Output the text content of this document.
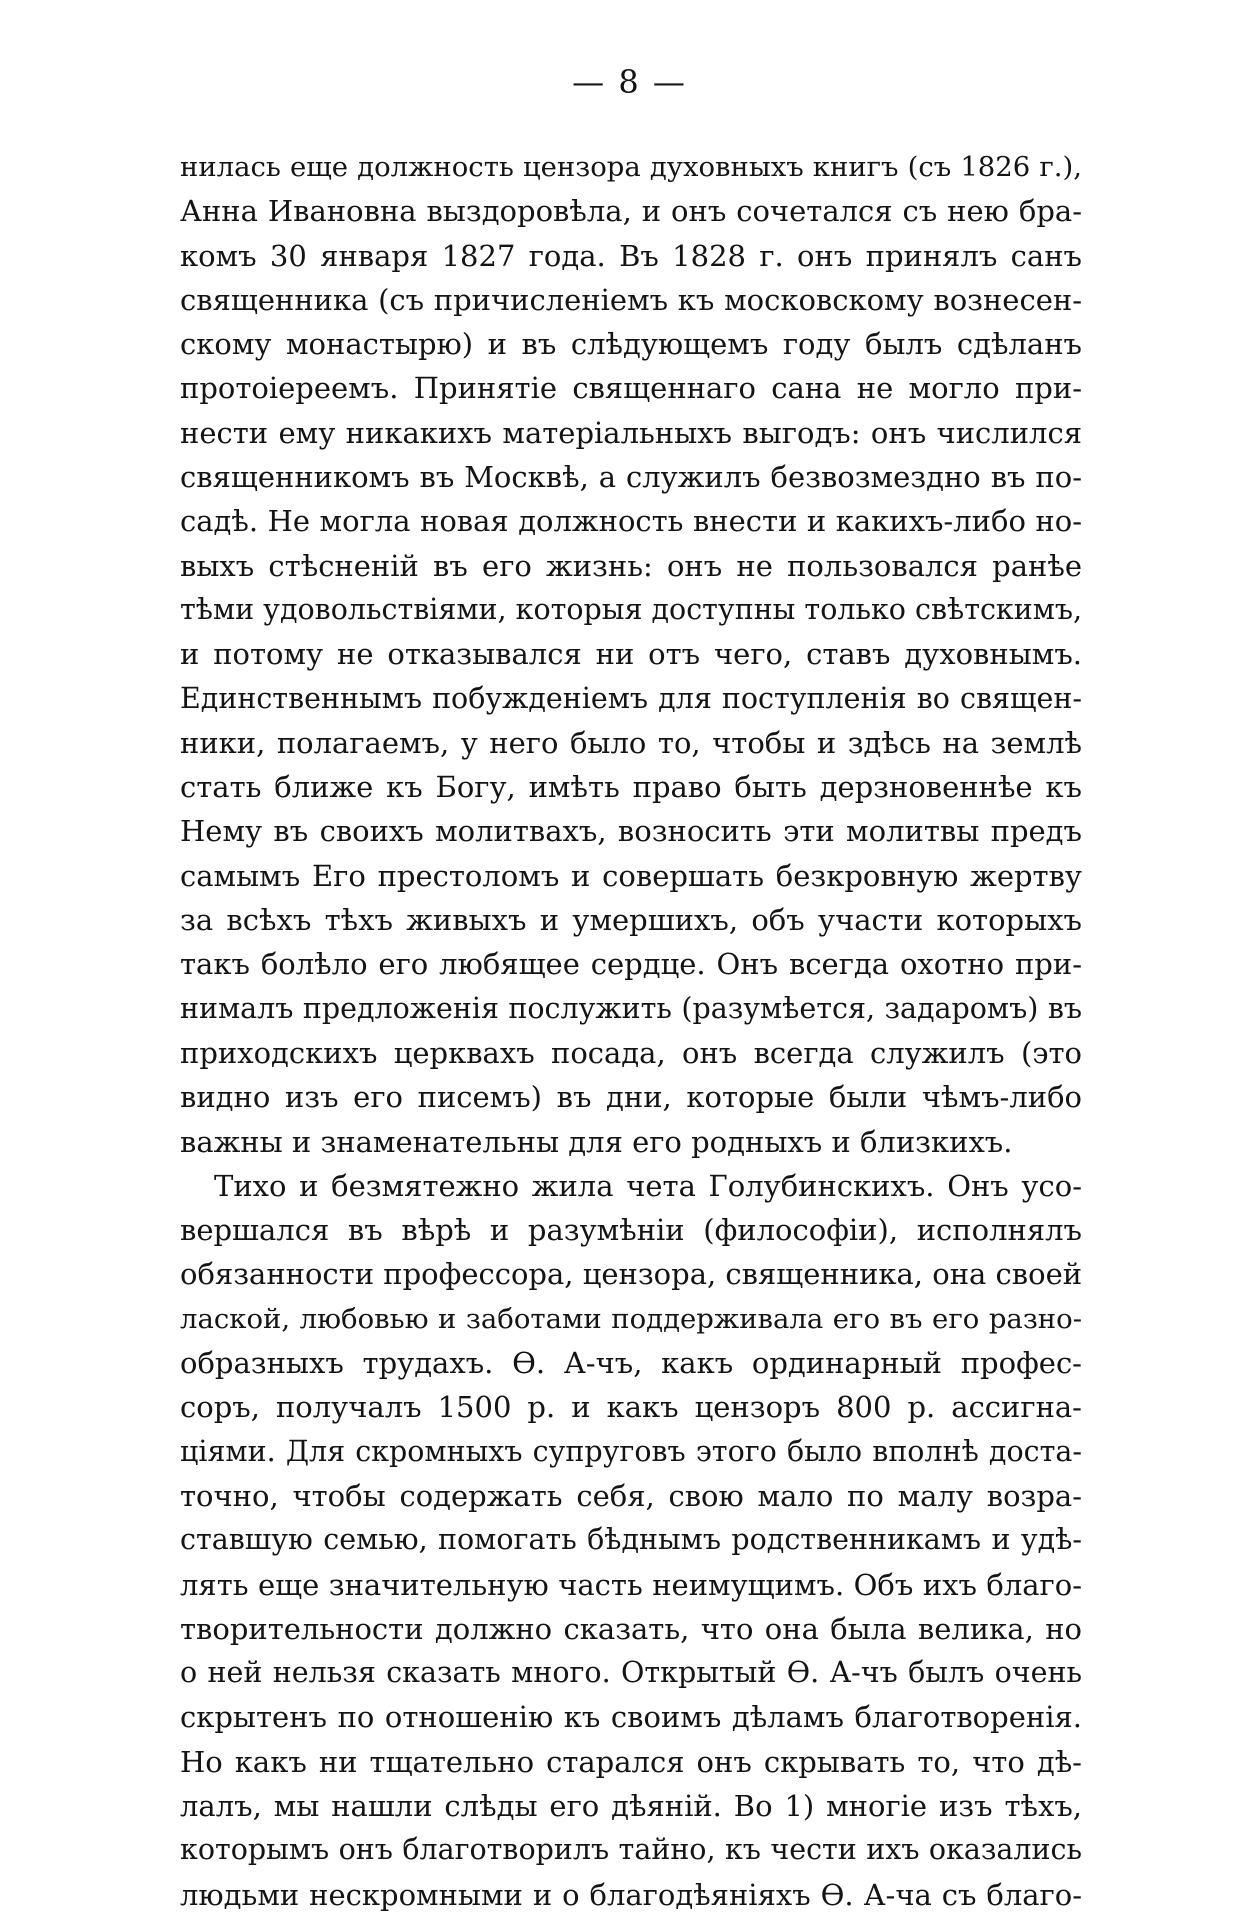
— 8 —
нилась еще должность цензора духовныхъ книгъ (съ 1826 г.),
Анна Ивановна выздоровѣла, и онъ сочетался съ нею бра-
комъ 30 января 1827 года. Въ 1828 г. онъ принялъ санъ
священника (съ причисленіемъ къ московскому вознесен-
скому монастырю) и въ слѣдующемъ году былъ сдѣланъ
протоіереемъ. Принятіе священнаго сана не могло при-
нести ему никакихъ матеріальныхъ выгодъ: онъ числился
священникомъ въ Москвѣ, а служилъ безвозмездно въ по-
садѣ. Не могла новая должность внести и какихъ-либо но-
выхъ стѣсненій въ его жизнь: онъ не пользовался ранѣе
тѣми удовольствіями, которыя доступны только свѣтскимъ,
и потому не отказывался ни отъ чего, ставъ духовнымъ.
Единственнымъ побужденіемъ для поступленія во священ-
ники, полагаемъ, у него было то, чтобы и здѣсь на землѣ
стать ближе къ Богу, имѣть право быть дерзновеннѣе къ
Нему въ своихъ молитвахъ, возносить эти молитвы предъ
самымъ Его престоломъ и совершать безкровную жертву
за всѣхъ тѣхъ живыхъ и умершихъ, объ участи которыхъ
такъ болѣло его любящее сердце. Онъ всегда охотно при-
нималъ предложенія послужить (разумѣется, задаромъ) въ
приходскихъ церквахъ посада, онъ всегда служилъ (это
видно изъ его писемъ) въ дни, которые были чѣмъ-либо
важны и знаменательны для его родныхъ и близкихъ.
Тихо и безмятежно жила чета Голубинскихъ. Онъ усо-
вершался въ вѣрѣ и разумѣніи (философіи), исполнялъ
обязанности профессора, цензора, священника, она своей
лаской, любовью и заботами поддерживала его въ его разно-
образныхъ трудахъ. Ѳ. А-чъ, какъ ординарный профес-
соръ, получалъ 1500 р. и какъ цензоръ 800 р. ассигна-
ціями. Для скромныхъ супруговъ этого было вполнѣ доста-
точно, чтобы содержать себя, свою мало по малу возра-
ставшую семью, помогать бѣднымъ родственникамъ и удѣ-
лять еще значительную часть неимущимъ. Объ ихъ благо-
творительности должно сказать, что она была велика, но
о ней нельзя сказать много. Открытый Ѳ. А-чъ былъ очень
скрытенъ по отношенію къ своимъ дѣламъ благотворенія.
Но какъ ни тщательно старался онъ скрывать то, что дѣ-
лалъ, мы нашли слѣды его дѣяній. Во 1) многіе изъ тѣхъ,
которымъ онъ благотворилъ тайно, къ чести ихъ оказались
людьми нескромными и о благодѣяніяхъ Ѳ. А-ча съ благо-
